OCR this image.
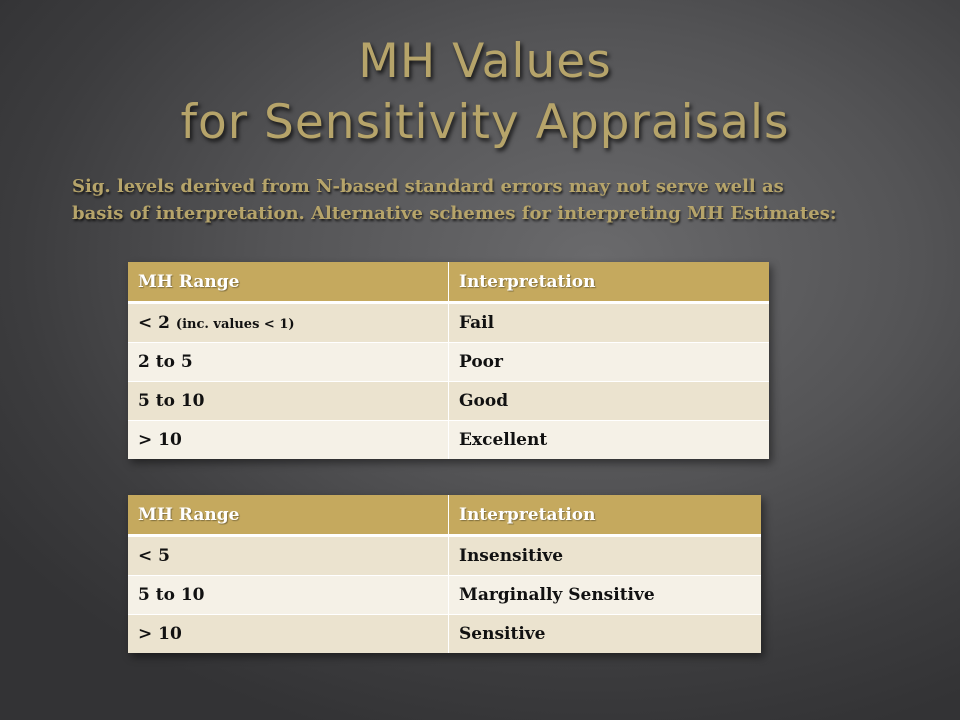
MH Values
for Sensitivity Appraisals
Sig. levels derived from N-based standard errors may not serve well as
basis of interpretation. Alternative schemes for interpreting MH Estimates:
MH Range	Interpretation
< 2 (inc. values < 1)	Fail
2 to 5	Poor
5 to 10	Good
> 10	Excellent
MH Range	Interpretation
< 5	Insensitive
5 to 10	Marginally Sensitive
> 10	Sensitive
